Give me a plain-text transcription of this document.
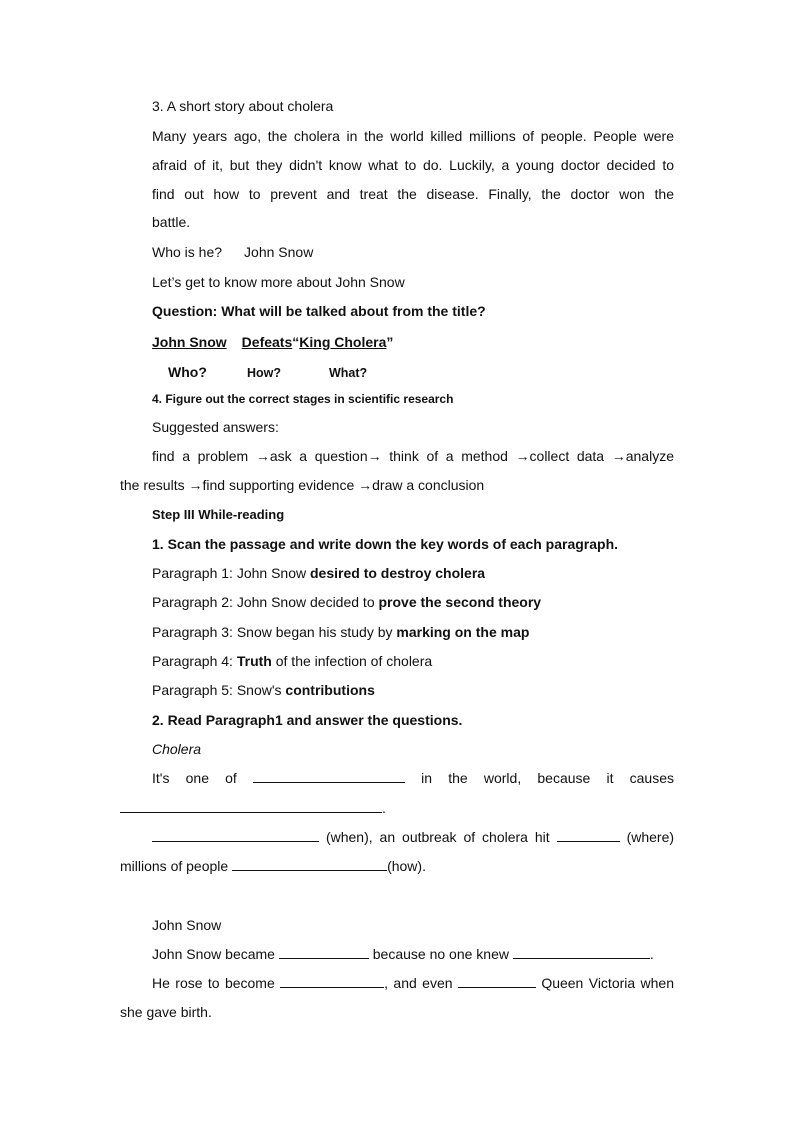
3. A short story about cholera
Many years ago, the cholera in the world killed millions of people. People were
afraid of it, but they didn't know what to do. Luckily, a young doctor decided to
find out how to prevent and treat the disease. Finally, the doctor won the
battle.
Who is he? John Snow
Let’s get to know more about John Snow
Question: What will be talked about from the title?
John Snow Defeats“King Cholera”
Who?	How?	What?
4. Figure out the correct stages in scientific research
Suggested answers:
find a problem →ask a question→ think of a method →collect data →analyze
the results →find supporting evidence →draw a conclusion
Step III While-reading
1. Scan the passage and write down the key words of each paragraph.
Paragraph 1: John Snow desired to destroy cholera
Paragraph 2: John Snow decided to prove the second theory
Paragraph 3: Snow began his study by marking on the map
Paragraph 4: Truth of the infection of cholera
Paragraph 5: Snow's contributions
2. Read Paragraph1 and answer the questions.
Cholera
It's one of	in the world, because it causes
.
(when), an outbreak of cholera hit	(where)
millions of people	(how).
John Snow
John Snow became	because no one knew	.
He rose to become	, and even	Queen Victoria when
she gave birth.
